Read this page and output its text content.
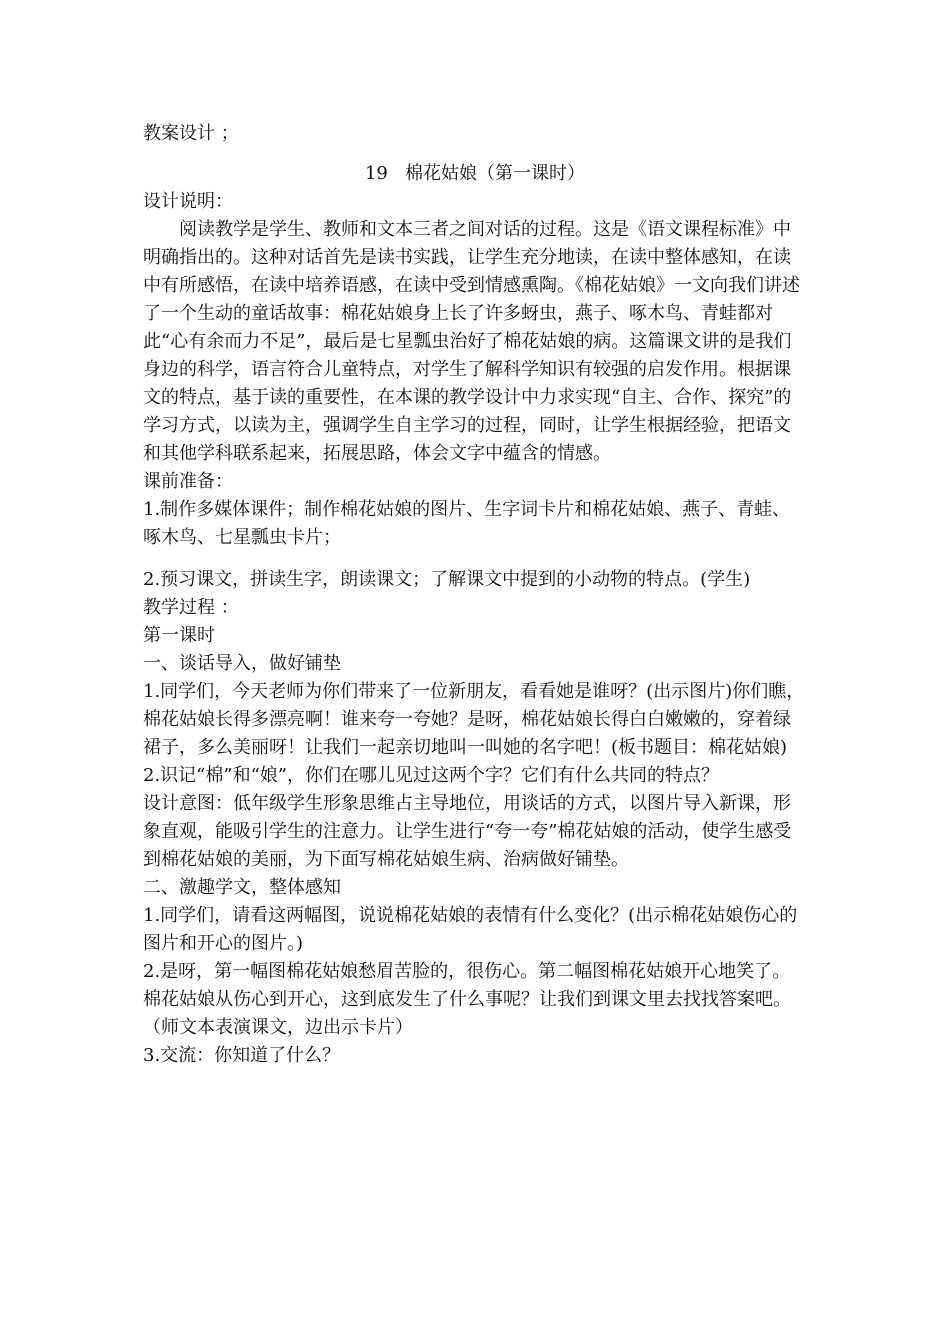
教案设计 ；

19   棉花姑娘（第一课时）

设计说明：

阅读教学是学生、教师和文本三者之间对话的过程。这是《语文课程标准》中明确指出的。这种对话首先是读书实践，让学生充分地读，在读中整体感知，在读中有所感悟，在读中培养语感，在读中受到情感熏陶。《棉花姑娘》一文向我们讲述了一个生动的童话故事：棉花姑娘身上长了许多蚜虫，燕子、啄木鸟、青蛙都对此“心有余而力不足”，最后是七星瓢虫治好了棉花姑娘的病。这篇课文讲的是我们身边的科学，语言符合儿童特点，对学生了解科学知识有较强的启发作用。根据课文的特点，基于读的重要性，在本课的教学设计中力求实现“自主、合作、探究”的学习方式，以读为主，强调学生自主学习的过程，同时，让学生根据经验，把语文和其他学科联系起来，拓展思路，体会文字中蕴含的情感。

课前准备：

1.制作多媒体课件；制作棉花姑娘的图片、生字词卡片和棉花姑娘、燕子、青蛙、啄木鸟、七星瓢虫卡片；

2.预习课文，拼读生字，朗读课文；了解课文中提到的小动物的特点。(学生)

教学过程 ：

第一课时

一、谈话导入，做好铺垫

1.同学们，今天老师为你们带来了一位新朋友，看看她是谁呀？(出示图片)你们瞧，棉花姑娘长得多漂亮啊！谁来夸一夸她？是呀，棉花姑娘长得白白嫩嫩的，穿着绿裙子，多么美丽呀！让我们一起亲切地叫一叫她的名字吧！(板书题目：棉花姑娘)

2.识记“棉”和“娘”，你们在哪儿见过这两个字？它们有什么共同的特点？

设计意图：低年级学生形象思维占主导地位，用谈话的方式，以图片导入新课，形象直观，能吸引学生的注意力。让学生进行“夸一夸”棉花姑娘的活动，使学生感受到棉花姑娘的美丽，为下面写棉花姑娘生病、治病做好铺垫。

二、激趣学文，整体感知

1.同学们，请看这两幅图，说说棉花姑娘的表情有什么变化？(出示棉花姑娘伤心的图片和开心的图片。)

2.是呀，第一幅图棉花姑娘愁眉苦脸的，很伤心。第二幅图棉花姑娘开心地笑了。棉花姑娘从伤心到开心，这到底发生了什么事呢？让我们到课文里去找找答案吧。（师文本表演课文，边出示卡片）

3.交流：你知道了什么？
